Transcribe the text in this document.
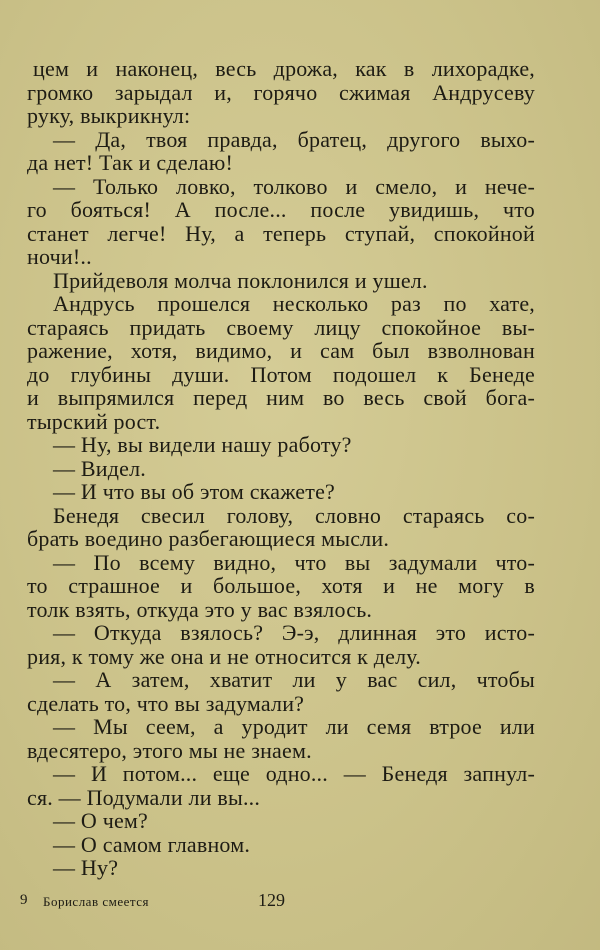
цем и наконец, весь дрожа, как в лихорадке,

громко зарыдал и, горячо сжимая Андрусеву

руку, выкрикнул:

— Да, твоя правда, братец, другого выхо-

да нет! Так и сделаю!

— Только ловко, толково и смело, и нече-

го бояться! А после... после увидишь, что

станет легче! Ну, а теперь ступай, спокойной

ночи!..

Прийдеволя молча поклонился и ушел.

Андрусь прошелся несколько раз по хате,

стараясь придать своему лицу спокойное вы-

ражение, хотя, видимо, и сам был взволнован

до глубины души. Потом подошел к Бенеде

и выпрямился перед ним во весь свой бога-

тырский рост.

— Ну, вы видели нашу работу?

— Видел.

— И что вы об этом скажете?

Бенедя свесил голову, словно стараясь со-

брать воедино разбегающиеся мысли.

— По всему видно, что вы задумали что-

то страшное и большое, хотя и не могу в

толк взять, откуда это у вас взялось.

— Откуда взялось? Э-э, длинная это исто-

рия, к тому же она и не относится к делу.

— А затем, хватит ли у вас сил, чтобы

сделать то, что вы задумали?

— Мы сеем, а уродит ли семя втрое или

вдесятеро, этого мы не знаем.

— И потом... еще одно... — Бенедя запнул-

ся. — Подумали ли вы...

— О чем?

— О самом главном.

— Ну?

9 Борислав смеется	129
